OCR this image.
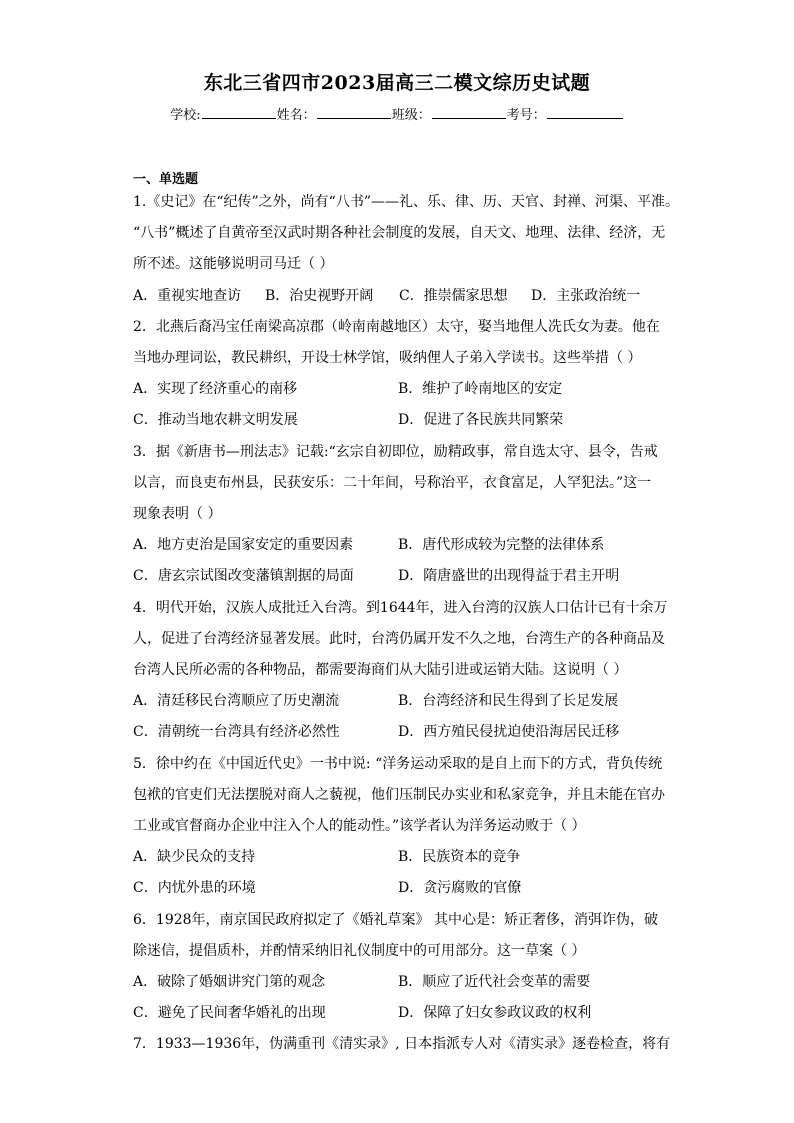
东北三省四市2023届高三二模文综历史试题
学校:	姓名：	班级：	考号：
一、单选题
1.《史记》在“纪传”之外，尚有“八书”——礼、乐、律、历、天官、封禅、河渠、平准。
“八书”概述了自黄帝至汉武时期各种社会制度的发展，自天文、地理、法律、经济，无
所不述。这能够说明司马迁（ ）
A．重视实地查访	B．治史视野开阔	C．推崇儒家思想	D．主张政治统一
2．北燕后裔冯宝任南梁高凉郡（岭南南越地区）太守，娶当地俚人冼氏女为妻。他在
当地办理词讼，教民耕织，开设士林学馆，吸纳俚人子弟入学读书。这些举措（ ）
A．实现了经济重心的南移	B．维护了岭南地区的安定
C．推动当地农耕文明发展	D．促进了各民族共同繁荣
3．据《新唐书—刑法志》记载:“玄宗自初即位，励精政事，常自选太守、县令，告戒
以言，而良吏布州县，民获安乐：二十年间，号称治平，衣食富足，人罕犯法。”这一
现象表明（ ）
A．地方吏治是国家安定的重要因素	B．唐代形成较为完整的法律体系
C．唐玄宗试图改变藩镇割据的局面	D．隋唐盛世的出现得益于君主开明
4．明代开始，汉族人成批迁入台湾。到1644年，进入台湾的汉族人口估计已有十余万
人，促进了台湾经济显著发展。此时，台湾仍属开发不久之地，台湾生产的各种商品及
台湾人民所必需的各种物品，都需要海商们从大陆引进或运销大陆。这说明（ ）
A．清廷移民台湾顺应了历史潮流	B．台湾经济和民生得到了长足发展
C．清朝统一台湾具有经济必然性	D．西方殖民侵扰迫使沿海居民迁移
5．徐中约在《中国近代史》一书中说: “洋务运动采取的是自上而下的方式，背负传统
包袱的官吏们无法摆脱对商人之藐视，他们压制民办实业和私家竞争，并且未能在官办
工业或官督商办企业中注入个人的能动性。”该学者认为洋务运动败于（ ）
A．缺少民众的支持	B．民族资本的竞争
C．内忧外患的环境	D．贪污腐败的官僚
6．1928年，南京国民政府拟定了《婚礼草案》 其中心是：矫正奢侈，消弭诈伪，破
除迷信，提倡质朴，并酌情采纳旧礼仪制度中的可用部分。这一草案（ ）
A．破除了婚姻讲究门第的观念	B．顺应了近代社会变革的需要
C．避免了民间奢华婚礼的出现	D．保障了妇女参政议政的权利
7．1933—1936年，伪满重刊《清实录》, 日本指派专人对《清实录》逐卷检查，将有
